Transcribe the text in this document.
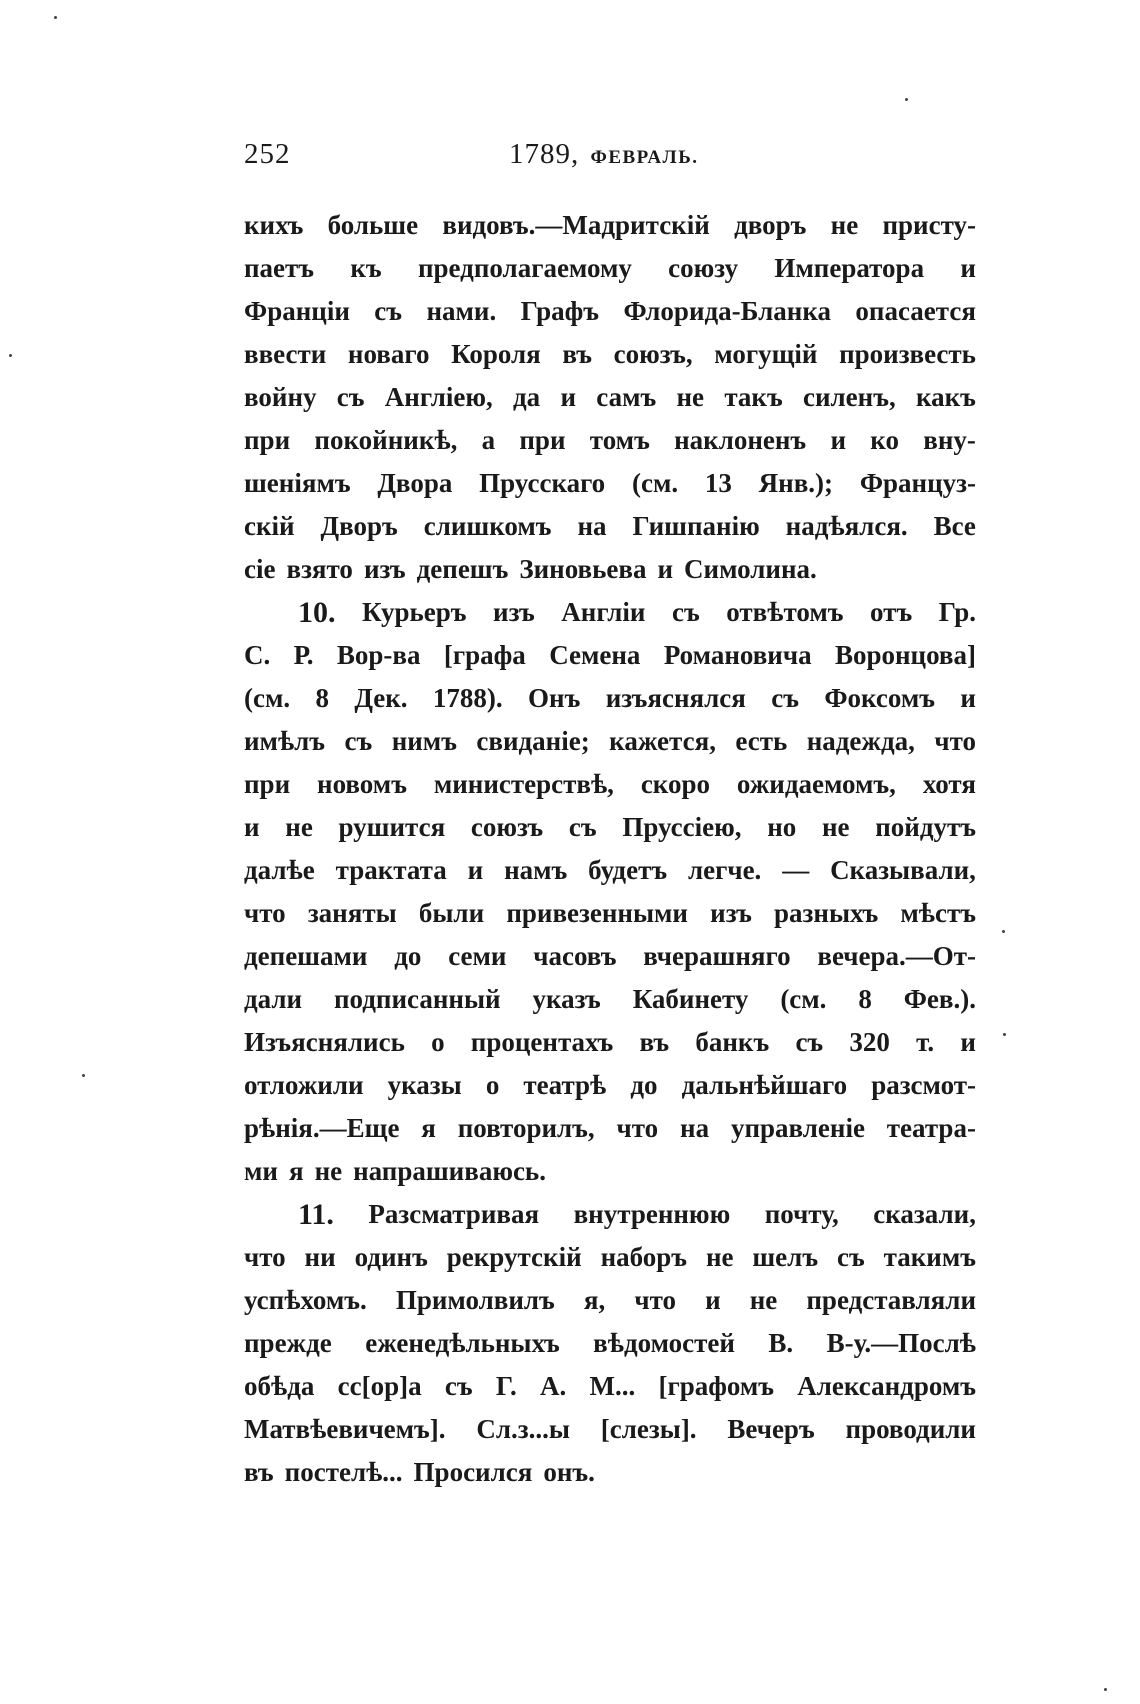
252	1789, ФЕВРАЛЬ.
кихъ больше видовъ.—Мадритскій дворъ не присту-
паетъ къ предполагаемому союзу Императора и
Франціи съ нами. Графъ Флорида-Бланка опасается
ввести новаго Короля въ союзъ, могущій произвесть
войну съ Англіею, да и самъ не такъ силенъ, какъ
при покойникѣ, а при томъ наклоненъ и ко вну-
шеніямъ Двора Прусскаго (см. 13 Янв.); Француз-
скій Дворъ слишкомъ на Гишпанію надѣялся. Все
сіе взято изъ депешъ Зиновьева и Симолина.
10. Курьеръ изъ Англіи съ отвѣтомъ отъ Гр.
С. Р. Вор-ва [графа Семена Романовича Воронцова]
(см. 8 Дек. 1788). Онъ изъяснялся съ Фоксомъ и
имѣлъ съ нимъ свиданіе; кажется, есть надежда, что
при новомъ министерствѣ, скоро ожидаемомъ, хотя
и не рушится союзъ съ Пруссіею, но не пойдутъ
далѣе трактата и намъ будетъ легче. — Сказывали,
что заняты были привезенными изъ разныхъ мѣстъ
депешами до семи часовъ вчерашняго вечера.—От-
дали подписанный указъ Кабинету (см. 8 Фев.).
Изъяснялись о процентахъ въ банкъ съ 320 т. и
отложили указы о театрѣ до дальнѣйшаго разсмот-
рѣнія.—Еще я повторилъ, что на управленіе театра-
ми я не напрашиваюсь.
11. Разсматривая внутреннюю почту, сказали,
что ни одинъ рекрутскій наборъ не шелъ съ такимъ
успѣхомъ. Примолвилъ я, что и не представляли
прежде еженедѣльныхъ вѣдомостей В. В-у.—Послѣ
обѣда сс[ор]а съ Г. А. М... [графомъ Александромъ
Матвѣевичемъ]. Сл.з...ы [слезы]. Вечеръ проводили
въ постелѣ... Просился онъ.
